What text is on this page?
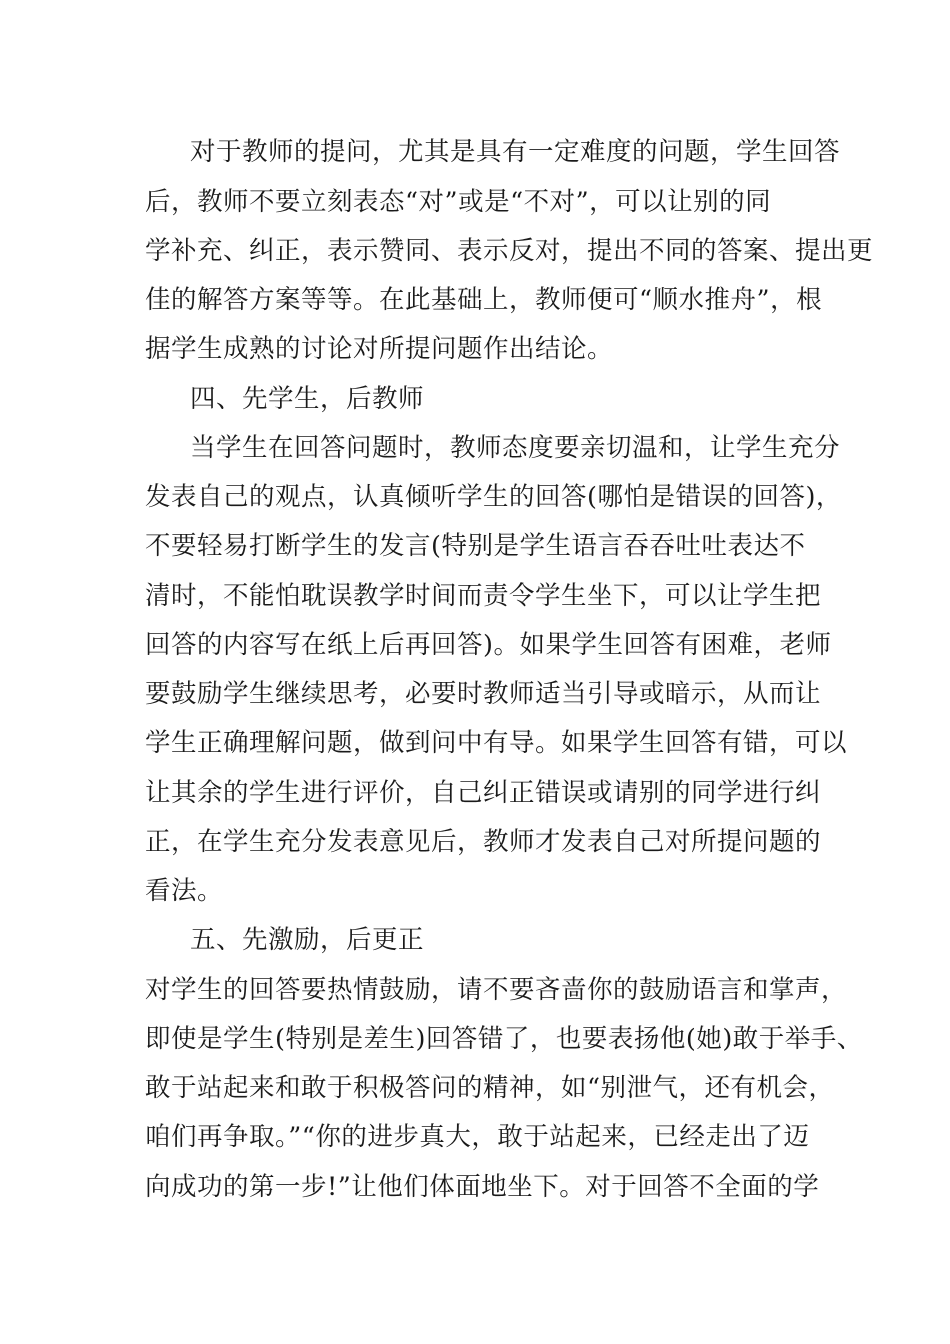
对于教师的提问，尤其是具有一定难度的问题，学生回答
后，教师不要立刻表态“对”或是“不对”，可以让别的同
学补充、纠正，表示赞同、表示反对，提出不同的答案、提出更
佳的解答方案等等。在此基础上，教师便可“顺水推舟”，根
据学生成熟的讨论对所提问题作出结论。
四、先学生，后教师
当学生在回答问题时，教师态度要亲切温和，让学生充分
发表自己的观点，认真倾听学生的回答(哪怕是错误的回答)，
不要轻易打断学生的发言(特别是学生语言吞吞吐吐表达不
清时，不能怕耽误教学时间而责令学生坐下，可以让学生把
回答的内容写在纸上后再回答)。如果学生回答有困难，老师
要鼓励学生继续思考，必要时教师适当引导或暗示，从而让
学生正确理解问题，做到问中有导。如果学生回答有错，可以
让其余的学生进行评价，自己纠正错误或请别的同学进行纠
正，在学生充分发表意见后，教师才发表自己对所提问题的
看法。
五、先激励，后更正
对学生的回答要热情鼓励，请不要吝啬你的鼓励语言和掌声，
即使是学生(特别是差生)回答错了，也要表扬他(她)敢于举手、
敢于站起来和敢于积极答问的精神，如“别泄气，还有机会，
咱们再争取。”“你的进步真大，敢于站起来，已经走出了迈
向成功的第一步!”让他们体面地坐下。对于回答不全面的学
